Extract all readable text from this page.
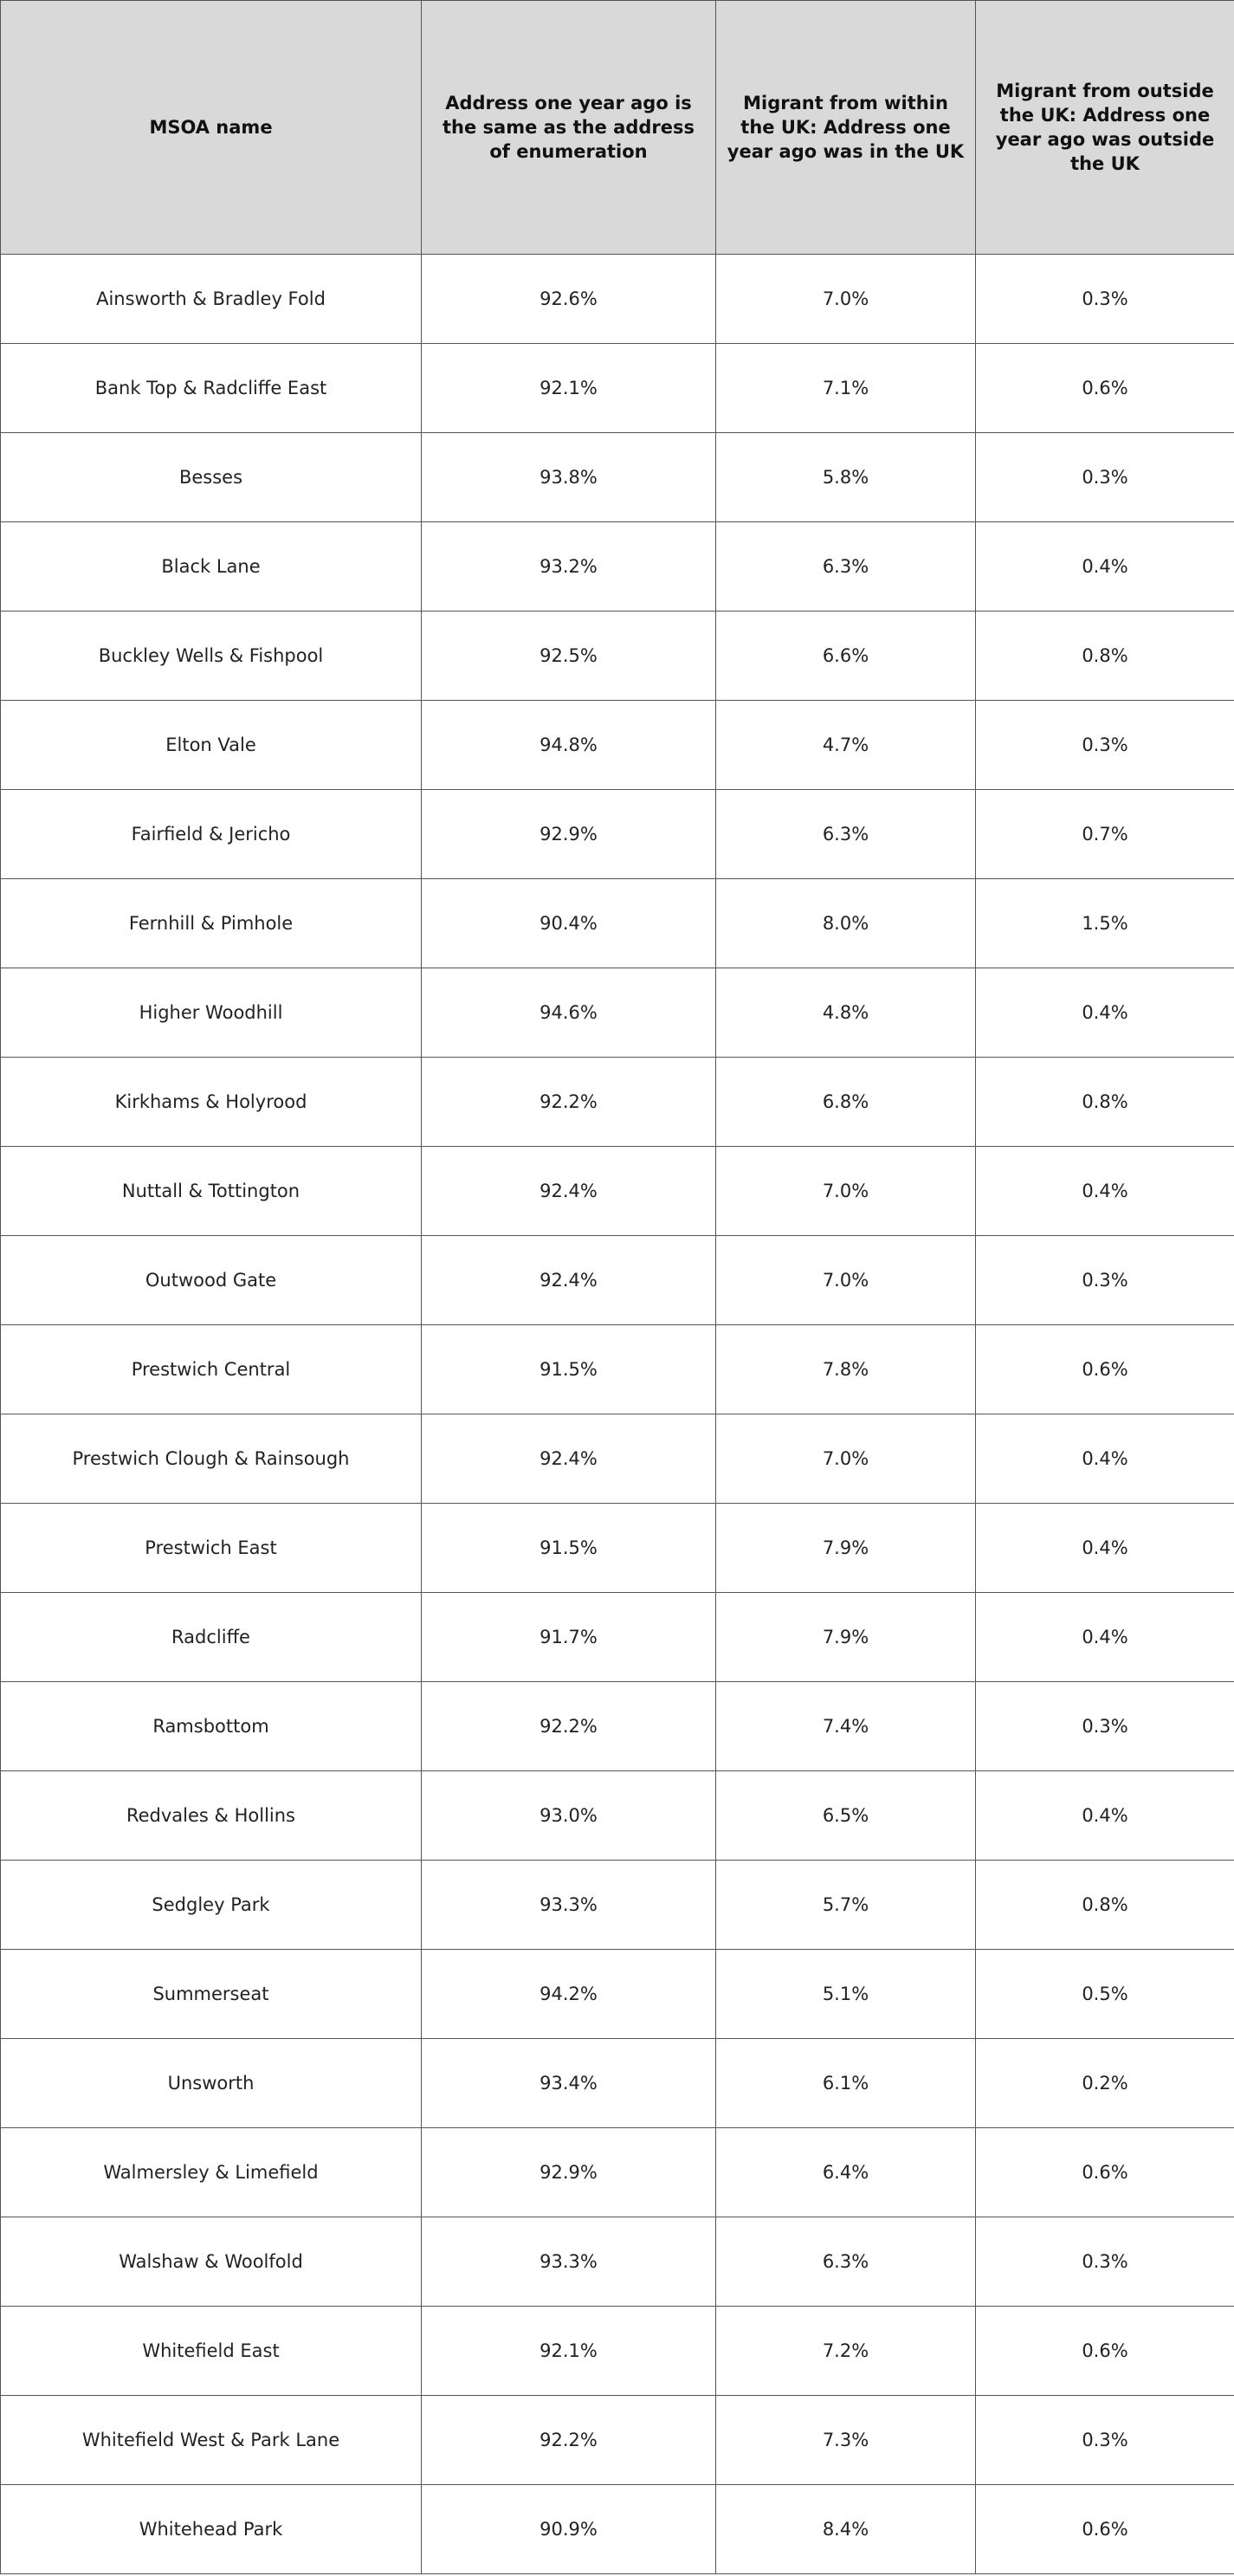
MSOA name	Address one year ago is the same as the address of enumeration	Migrant from within the UK: Address one year ago was in the UK	Migrant from outside the UK: Address one year ago was outside the UK
Ainsworth & Bradley Fold	92.6%	7.0%	0.3%
Bank Top & Radcliffe East	92.1%	7.1%	0.6%
Besses	93.8%	5.8%	0.3%
Black Lane	93.2%	6.3%	0.4%
Buckley Wells & Fishpool	92.5%	6.6%	0.8%
Elton Vale	94.8%	4.7%	0.3%
Fairfield & Jericho	92.9%	6.3%	0.7%
Fernhill & Pimhole	90.4%	8.0%	1.5%
Higher Woodhill	94.6%	4.8%	0.4%
Kirkhams & Holyrood	92.2%	6.8%	0.8%
Nuttall & Tottington	92.4%	7.0%	0.4%
Outwood Gate	92.4%	7.0%	0.3%
Prestwich Central	91.5%	7.8%	0.6%
Prestwich Clough & Rainsough	92.4%	7.0%	0.4%
Prestwich East	91.5%	7.9%	0.4%
Radcliffe	91.7%	7.9%	0.4%
Ramsbottom	92.2%	7.4%	0.3%
Redvales & Hollins	93.0%	6.5%	0.4%
Sedgley Park	93.3%	5.7%	0.8%
Summerseat	94.2%	5.1%	0.5%
Unsworth	93.4%	6.1%	0.2%
Walmersley & Limefield	92.9%	6.4%	0.6%
Walshaw & Woolfold	93.3%	6.3%	0.3%
Whitefield East	92.1%	7.2%	0.6%
Whitefield West & Park Lane	92.2%	7.3%	0.3%
Whitehead Park	90.9%	8.4%	0.6%
